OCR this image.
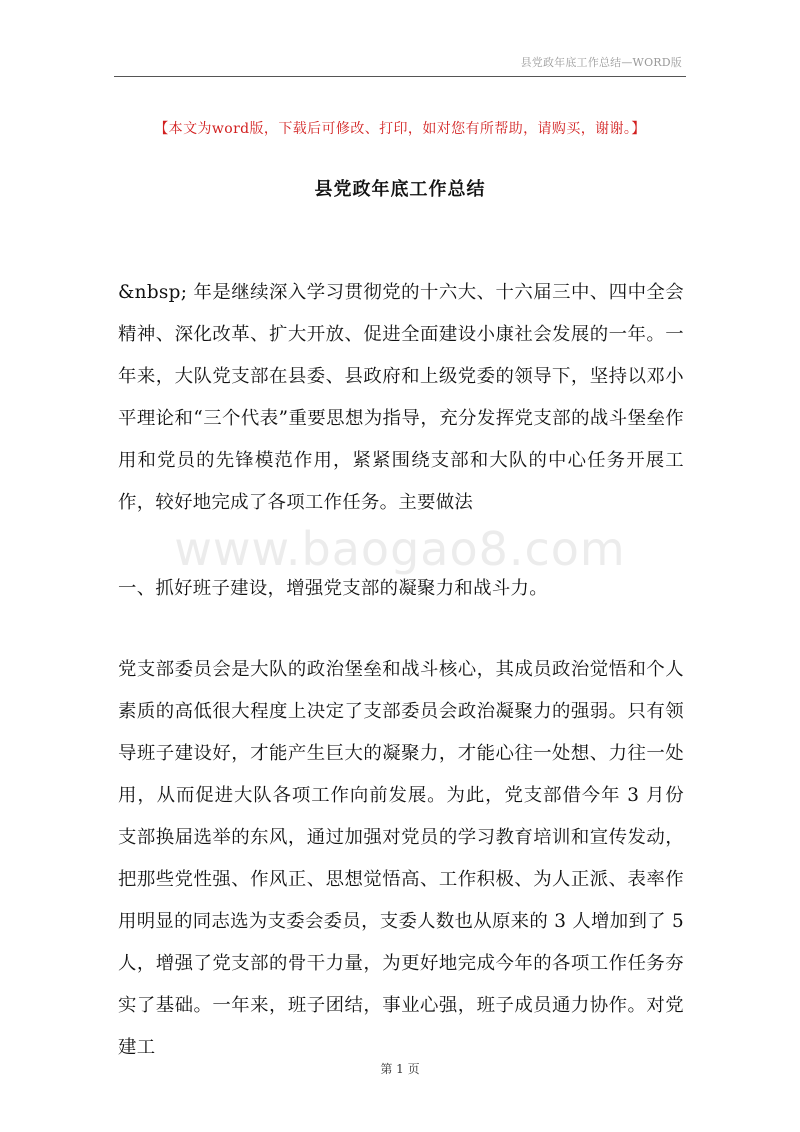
县党政年底工作总结—WORD版
【本文为word版，下载后可修改、打印，如对您有所帮助，请购买，谢谢。】
县党政年底工作总结
www.baogao8.com
&nbsp; 年是继续深入学习贯彻党的十六大、十六届三中、四中全会精神、深化改革、扩大开放、促进全面建设小康社会发展的一年。一年来，大队党支部在县委、县政府和上级党委的领导下，坚持以邓小平理论和“三个代表”重要思想为指导，充分发挥党支部的战斗堡垒作用和党员的先锋模范作用，紧紧围绕支部和大队的中心任务开展工作，较好地完成了各项工作任务。主要做法
一、抓好班子建设，增强党支部的凝聚力和战斗力。
党支部委员会是大队的政治堡垒和战斗核心，其成员政治觉悟和个人素质的高低很大程度上决定了支部委员会政治凝聚力的强弱。只有领导班子建设好，才能产生巨大的凝聚力，才能心往一处想、力往一处用，从而促进大队各项工作向前发展。为此，党支部借今年 3 月份支部换届选举的东风，通过加强对党员的学习教育培训和宣传发动，把那些党性强、作风正、思想觉悟高、工作积极、为人正派、表率作用明显的同志选为支委会委员，支委人数也从原来的 3 人增加到了 5 人，增强了党支部的骨干力量，为更好地完成今年的各项工作任务夯实了基础。一年来，班子团结，事业心强，班子成员通力协作。对党建工
第 1 页
